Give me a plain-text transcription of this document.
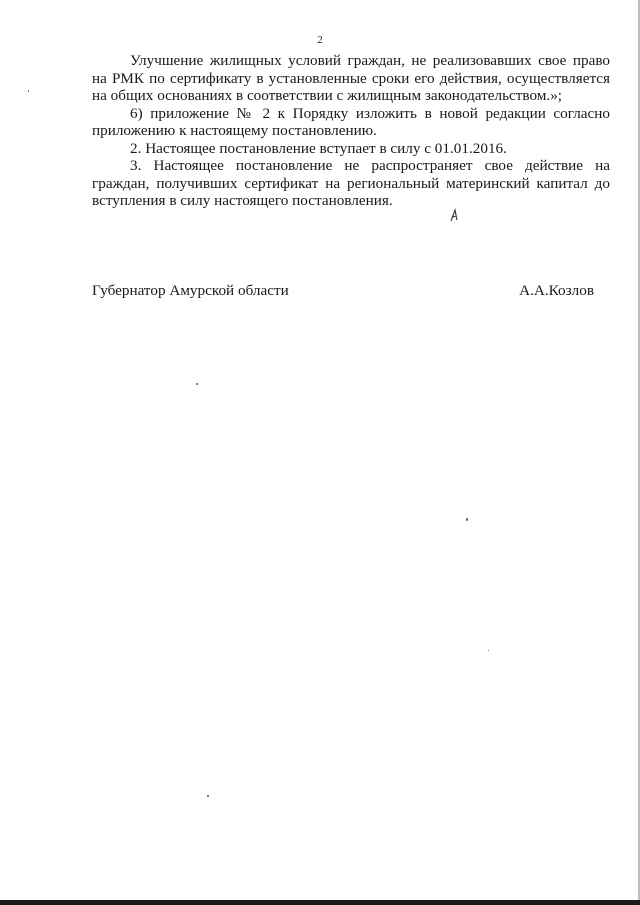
2

Улучшение жилищных условий граждан, не реализовавших свое право на РМК по сертификату в установленные сроки его действия, осуществляется на общих основаниях в соответствии с жилищным законодательством.»;

6) приложение № 2 к Порядку изложить в новой редакции согласно приложению к настоящему постановлению.

2. Настоящее постановление вступает в силу с 01.01.2016.

3. Настоящее постановление не распространяет свое действие на граждан, получивших сертификат на региональный материнский капитал до вступления в силу настоящего постановления.

Губернатор Амурской области	А.А.Козлов
